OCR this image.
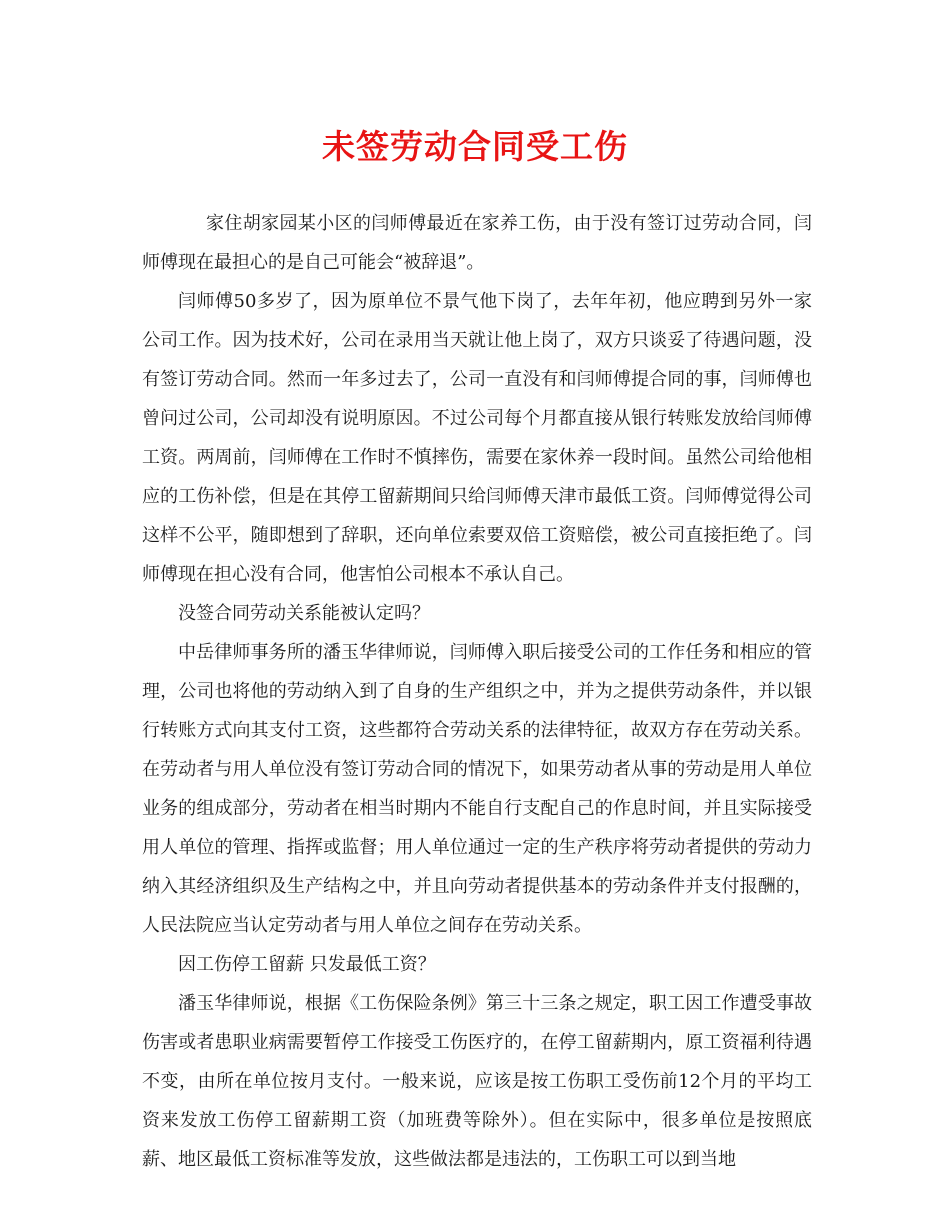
未签劳动合同受工伤

家住胡家园某小区的闫师傅最近在家养工伤，由于没有签订过劳动合同，闫师傅现在最担心的是自己可能会“被辞退”。

闫师傅50多岁了，因为原单位不景气他下岗了，去年年初，他应聘到另外一家公司工作。因为技术好，公司在录用当天就让他上岗了，双方只谈妥了待遇问题，没有签订劳动合同。然而一年多过去了，公司一直没有和闫师傅提合同的事，闫师傅也曾问过公司，公司却没有说明原因。不过公司每个月都直接从银行转账发放给闫师傅工资。两周前，闫师傅在工作时不慎摔伤，需要在家休养一段时间。虽然公司给他相应的工伤补偿，但是在其停工留薪期间只给闫师傅天津市最低工资。闫师傅觉得公司这样不公平，随即想到了辞职，还向单位索要双倍工资赔偿，被公司直接拒绝了。闫师傅现在担心没有合同，他害怕公司根本不承认自己。

没签合同劳动关系能被认定吗？

中岳律师事务所的潘玉华律师说，闫师傅入职后接受公司的工作任务和相应的管理，公司也将他的劳动纳入到了自身的生产组织之中，并为之提供劳动条件，并以银行转账方式向其支付工资，这些都符合劳动关系的法律特征，故双方存在劳动关系。在劳动者与用人单位没有签订劳动合同的情况下，如果劳动者从事的劳动是用人单位业务的组成部分，劳动者在相当时期内不能自行支配自己的作息时间，并且实际接受用人单位的管理、指挥或监督；用人单位通过一定的生产秩序将劳动者提供的劳动力纳入其经济组织及生产结构之中，并且向劳动者提供基本的劳动条件并支付报酬的，人民法院应当认定劳动者与用人单位之间存在劳动关系。

因工伤停工留薪 只发最低工资？

潘玉华律师说，根据《工伤保险条例》第三十三条之规定，职工因工作遭受事故伤害或者患职业病需要暂停工作接受工伤医疗的，在停工留薪期内，原工资福利待遇不变，由所在单位按月支付。一般来说，应该是按工伤职工受伤前12个月的平均工资来发放工伤停工留薪期工资（加班费等除外）。但在实际中，很多单位是按照底薪、地区最低工资标准等发放，这些做法都是违法的，工伤职工可以到当地
